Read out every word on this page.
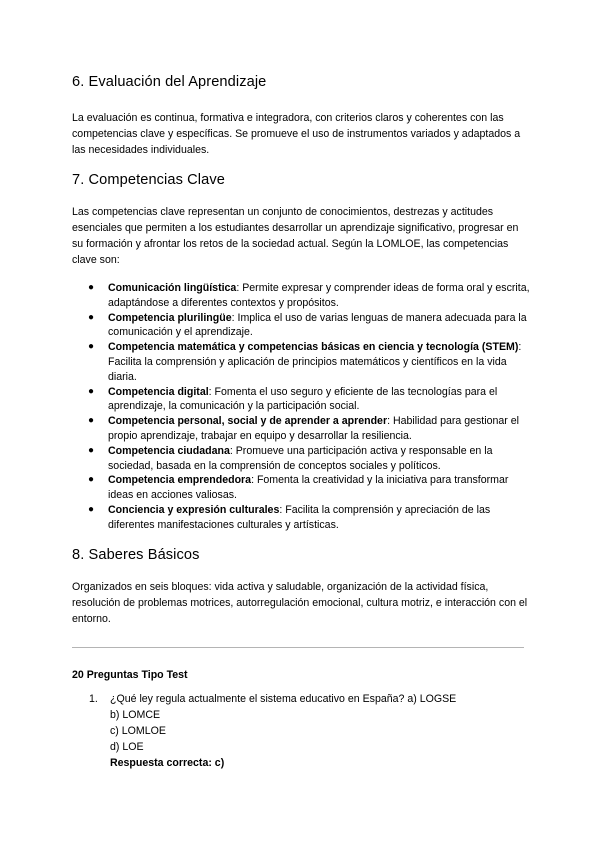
6. Evaluación del Aprendizaje

La evaluación es continua, formativa e integradora, con criterios claros y coherentes con las competencias clave y específicas. Se promueve el uso de instrumentos variados y adaptados a las necesidades individuales.

7. Competencias Clave

Las competencias clave representan un conjunto de conocimientos, destrezas y actitudes esenciales que permiten a los estudiantes desarrollar un aprendizaje significativo, progresar en su formación y afrontar los retos de la sociedad actual. Según la LOMLOE, las competencias clave son:

● Comunicación lingüística: Permite expresar y comprender ideas de forma oral y escrita, adaptándose a diferentes contextos y propósitos.
● Competencia plurilingüe: Implica el uso de varias lenguas de manera adecuada para la comunicación y el aprendizaje.
● Competencia matemática y competencias básicas en ciencia y tecnología (STEM): Facilita la comprensión y aplicación de principios matemáticos y científicos en la vida diaria.
● Competencia digital: Fomenta el uso seguro y eficiente de las tecnologías para el aprendizaje, la comunicación y la participación social.
● Competencia personal, social y de aprender a aprender: Habilidad para gestionar el propio aprendizaje, trabajar en equipo y desarrollar la resiliencia.
● Competencia ciudadana: Promueve una participación activa y responsable en la sociedad, basada en la comprensión de conceptos sociales y políticos.
● Competencia emprendedora: Fomenta la creatividad y la iniciativa para transformar ideas en acciones valiosas.
● Conciencia y expresión culturales: Facilita la comprensión y apreciación de las diferentes manifestaciones culturales y artísticas.
8. Saberes Básicos

Organizados en seis bloques: vida activa y saludable, organización de la actividad física, resolución de problemas motrices, autorregulación emocional, cultura motriz, e interacción con el entorno.

20 Preguntas Tipo Test
1. ¿Qué ley regula actualmente el sistema educativo en España? a) LOGSE
b) LOMCE
c) LOMLOE
d) LOE
Respuesta correcta: c)
